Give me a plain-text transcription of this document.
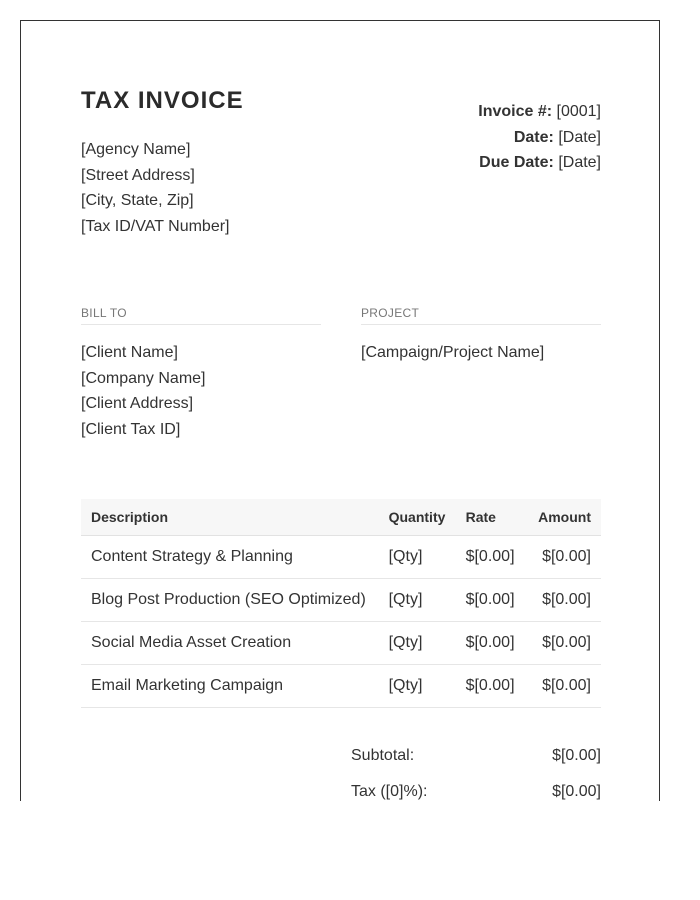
TAX INVOICE
[Agency Name]
[Street Address]
[City, State, Zip]
[Tax ID/VAT Number]
Invoice #: [0001]
Date: [Date]
Due Date: [Date]
BILL TO	PROJECT
[Client Name]
[Company Name]
[Client Address]
[Client Tax ID]
[Campaign/Project Name]
Description	Quantity	Rate	Amount
Content Strategy & Planning	[Qty]	$[0.00]	$[0.00]
Blog Post Production (SEO Optimized)	[Qty]	$[0.00]	$[0.00]
Social Media Asset Creation	[Qty]	$[0.00]	$[0.00]
Email Marketing Campaign	[Qty]	$[0.00]	$[0.00]
Subtotal:	$[0.00]
Tax ([0]%):	$[0.00]
